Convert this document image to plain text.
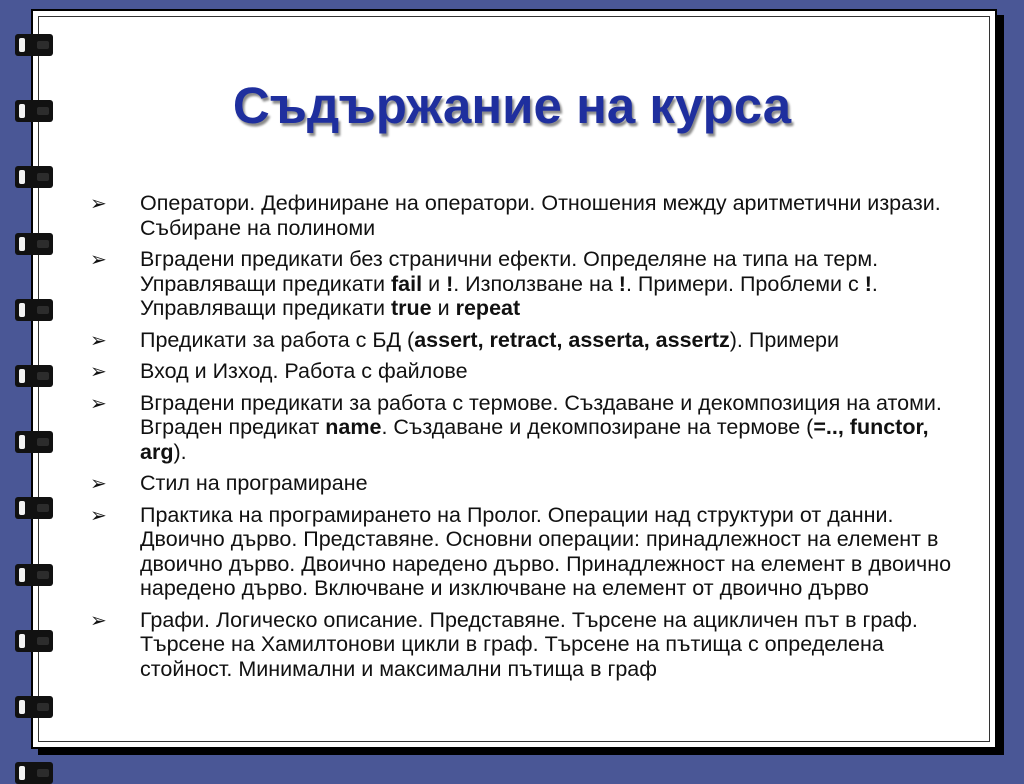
Съдържание на курса
➢ Оператори. Дефиниране на оператори. Отношения между аритметични изрази. Събиране на полиноми
➢ Вградени предикати без странични ефекти. Определяне на типа на терм. Управляващи предикати fail и !. Използване на !. Примери. Проблеми с !. Управляващи предикати true и repeat
➢ Предикати за работа с БД (assert, retract, asserta, assertz). Примери
➢ Вход и Изход. Работа с файлове
➢ Вградени предикати за работа с термове. Създаване и декомпозиция на атоми. Вграден предикат name. Създаване и декомпозиране на термове (=.., functor, arg).
➢ Стил на програмиране
➢ Практика на програмирането на Пролог. Операции над структури от данни. Двоично дърво. Представяне. Основни операции: принадлежност на елемент в двоично дърво. Двоично наредено дърво. Принадлежност на елемент в двоично наредено дърво. Включване и изключване на елемент от двоично дърво
➢ Графи. Логическо описание. Представяне. Търсене на ацикличен път в граф. Търсене на Хамилтонови цикли в граф. Търсене на пътища с определена стойност. Минимални и максимални пътища в граф
